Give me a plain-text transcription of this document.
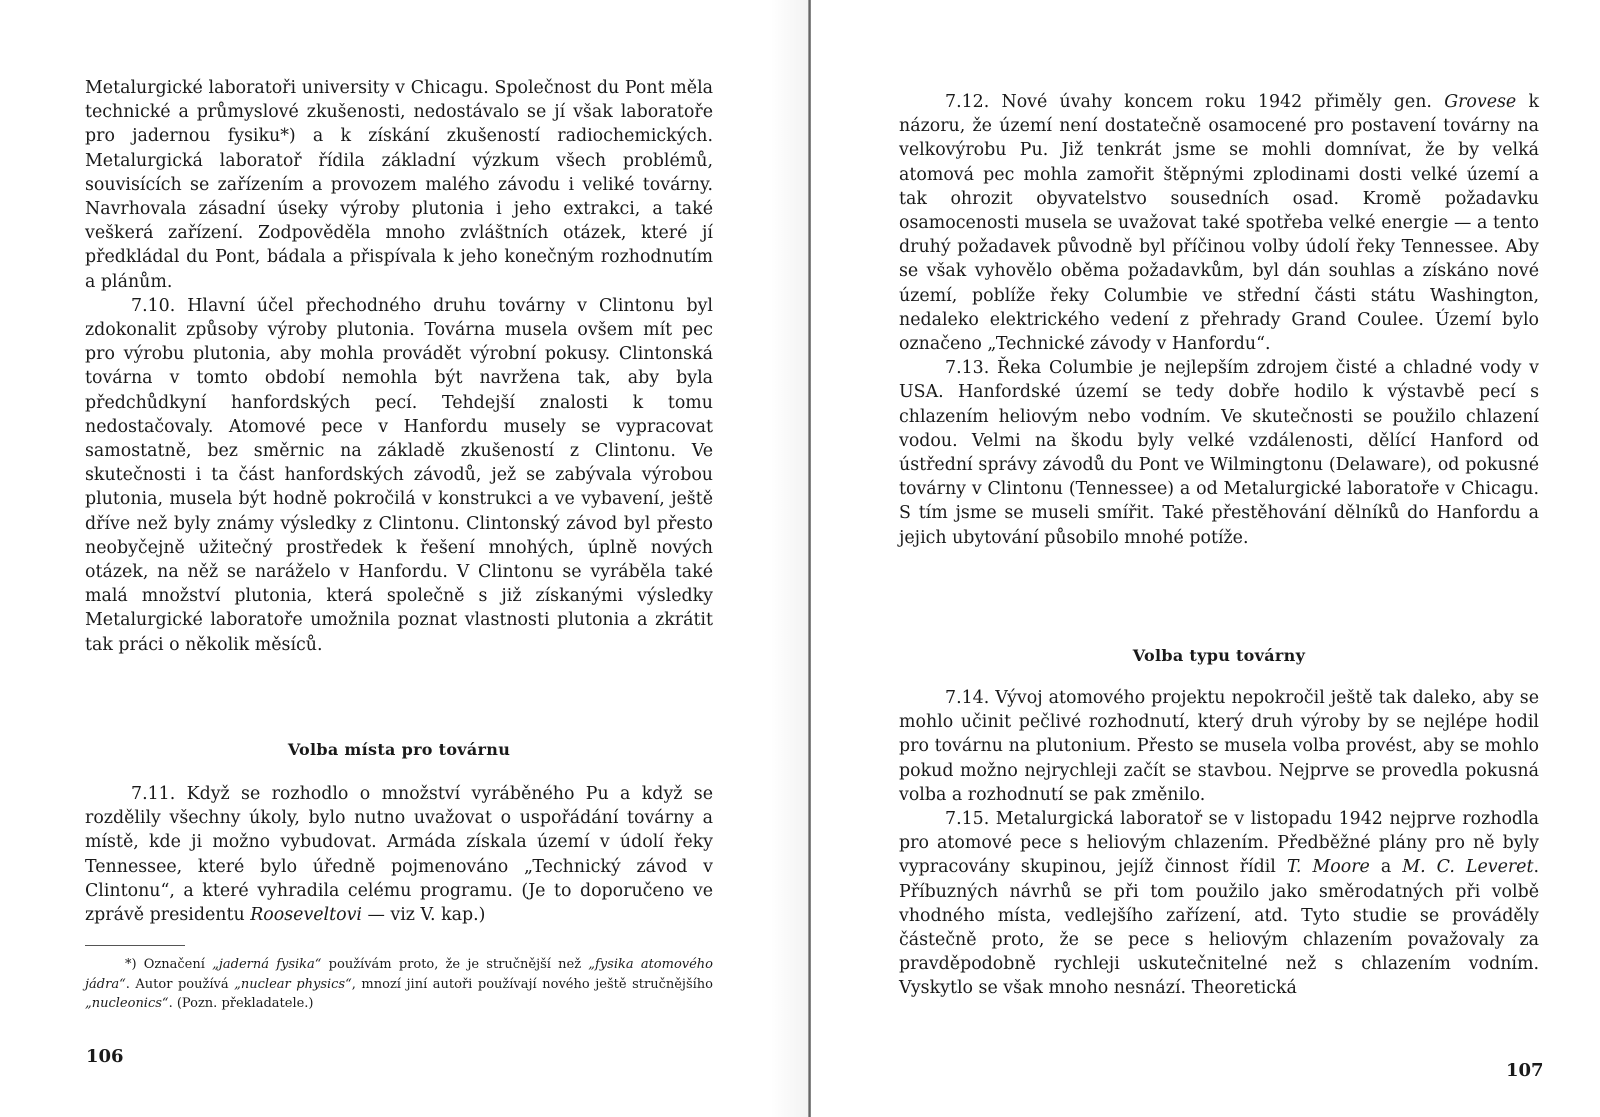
Metalurgické laboratoři university v Chicagu. Společnost du Pont měla technické a průmyslové zkušenosti, nedostávalo se jí však laboratoře pro jadernou fysiku*) a k získání zkušeností radiochemických. Metalurgická laboratoř řídila základní výzkum všech problémů, souvisících se zařízením a provozem malého závodu i veliké továrny. Navrhovala zásadní úseky výroby plutonia i jeho extrakci, a také veškerá zařízení. Zodpověděla mnoho zvláštních otázek, které jí předkládal du Pont, bádala a přispívala k jeho konečným rozhodnutím a plánům.

7.10. Hlavní účel přechodného druhu továrny v Clintonu byl zdokonalit způsoby výroby plutonia. Továrna musela ovšem mít pec pro výrobu plutonia, aby mohla provádět výrobní pokusy. Clintonská továrna v tomto období nemohla být navržena tak, aby byla předchůdkyní hanfordských pecí. Tehdejší znalosti k tomu nedostačovaly. Atomové pece v Hanfordu musely se vypracovat samostatně, bez směrnic na základě zkušeností z Clintonu. Ve skutečnosti i ta část hanfordských závodů, jež se zabývala výrobou plutonia, musela být hodně pokročilá v konstrukci a ve vybavení, ještě dříve než byly známy výsledky z Clintonu. Clintonský závod byl přesto neobyčejně užitečný prostředek k řešení mnohých, úplně nových otázek, na něž se naráželo v Hanfordu. V Clintonu se vyráběla také malá množství plutonia, která společně s již získanými výsledky Metalurgické laboratoře umožnila poznat vlastnosti plutonia a zkrátit tak práci o několik měsíců.

Volba místa pro továrnu

7.11. Když se rozhodlo o množství vyráběného Pu a když se rozdělily všechny úkoly, bylo nutno uvažovat o uspořádání továrny a místě, kde ji možno vybudovat. Armáda získala území v údolí řeky Tennessee, které bylo úředně pojmenováno „Technický závod v Clintonu“, a které vyhradila celému programu. (Je to doporučeno ve zprávě presidentu Rooseveltovi — viz V. kap.)

*) Označení „jaderná fysika“ používám proto, že je stručnější než „fysika atomového jádra“. Autor používá „nuclear physics“, mnozí jiní autoři používají nového ještě stručnějšího „nucleonics“. (Pozn. překladatele.)

106

7.12. Nové úvahy koncem roku 1942 přiměly gen. Grovese k názoru, že území není dostatečně osamocené pro postavení továrny na velkovýrobu Pu. Již tenkrát jsme se mohli domnívat, že by velká atomová pec mohla zamořit štěpnými zplodinami dosti velké území a tak ohrozit obyvatelstvo sousedních osad. Kromě požadavku osamocenosti musela se uvažovat také spotřeba velké energie — a tento druhý požadavek původně byl příčinou volby údolí řeky Tennessee. Aby se však vyhovělo oběma požadavkům, byl dán souhlas a získáno nové území, poblíže řeky Columbie ve střední části státu Washington, nedaleko elektrického vedení z přehrady Grand Coulee. Území bylo označeno „Technické závody v Hanfordu“.

7.13. Řeka Columbie je nejlepším zdrojem čisté a chladné vody v USA. Hanfordské území se tedy dobře hodilo k výstavbě pecí s chlazením heliovým nebo vodním. Ve skutečnosti se použilo chlazení vodou. Velmi na škodu byly velké vzdálenosti, dělící Hanford od ústřední správy závodů du Pont ve Wilmingtonu (Delaware), od pokusné továrny v Clintonu (Tennessee) a od Metalurgické laboratoře v Chicagu. S tím jsme se museli smířit. Také přestěhování dělníků do Hanfordu a jejich ubytování působilo mnohé potíže.

Volba typu továrny

7.14. Vývoj atomového projektu nepokročil ještě tak daleko, aby se mohlo učinit pečlivé rozhodnutí, který druh výroby by se nejlépe hodil pro továrnu na plutonium. Přesto se musela volba provést, aby se mohlo pokud možno nejrychleji začít se stavbou. Nejprve se provedla pokusná volba a rozhodnutí se pak změnilo.

7.15. Metalurgická laboratoř se v listopadu 1942 nejprve rozhodla pro atomové pece s heliovým chlazením. Předběžné plány pro ně byly vypracovány skupinou, jejíž činnost řídil T. Moore a M. C. Leveret. Příbuzných návrhů se při tom použilo jako směrodatných při volbě vhodného místa, vedlejšího zařízení, atd. Tyto studie se prováděly částečně proto, že se pece s heliovým chlazením považovaly za pravděpodobně rychleji uskutečnitelné než s chlazením vodním. Vyskytlo se však mnoho nesnází. Theoretická

107
